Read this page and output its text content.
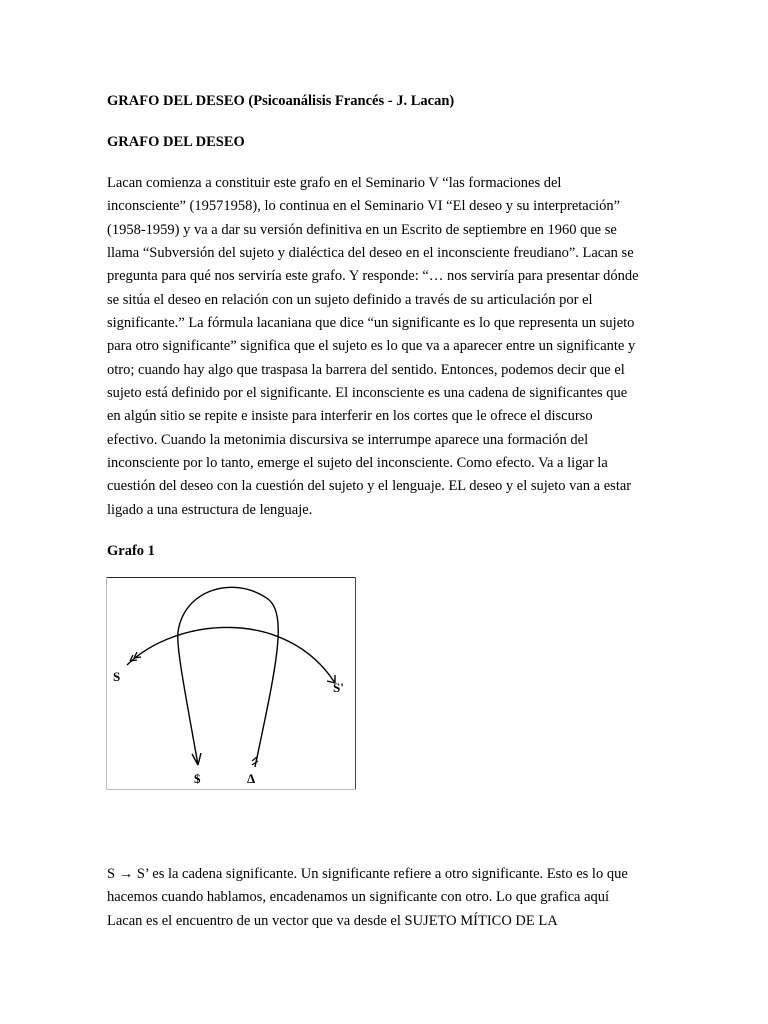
GRAFO DEL DESEO (Psicoanálisis Francés - J. Lacan)

GRAFO DEL DESEO

Lacan comienza a constituir este grafo en el Seminario V “las formaciones del
inconsciente” (19571958), lo continua en el Seminario VI “El deseo y su interpretación”
(1958-1959) y va a dar su versión definitiva en un Escrito de septiembre en 1960 que se
llama “Subversión del sujeto y dialéctica del deseo en el inconsciente freudiano”. Lacan se
pregunta para qué nos serviría este grafo. Y responde: “… nos serviría para presentar dónde
se sitúa el deseo en relación con un sujeto definido a través de su articulación por el
significante.” La fórmula lacaniana que dice “un significante es lo que representa un sujeto
para otro significante” significa que el sujeto es lo que va a aparecer entre un significante y
otro; cuando hay algo que traspasa la barrera del sentido. Entonces, podemos decir que el
sujeto está definido por el significante. El inconsciente es una cadena de significantes que
en algún sitio se repite e insiste para interferir en los cortes que le ofrece el discurso
efectivo. Cuando la metonimia discursiva se interrumpe aparece una formación del
inconsciente por lo tanto, emerge el sujeto del inconsciente. Como efecto. Va a ligar la
cuestión del deseo con la cuestión del sujeto y el lenguaje. EL deseo y el sujeto van a estar
ligado a una estructura de lenguaje.

Grafo 1

S
S'
$	Δ

S → S’ es la cadena significante. Un significante refiere a otro significante. Esto es lo que
hacemos cuando hablamos, encadenamos un significante con otro. Lo que grafica aquí
Lacan es el encuentro de un vector que va desde el SUJETO MÍTICO DE LA
